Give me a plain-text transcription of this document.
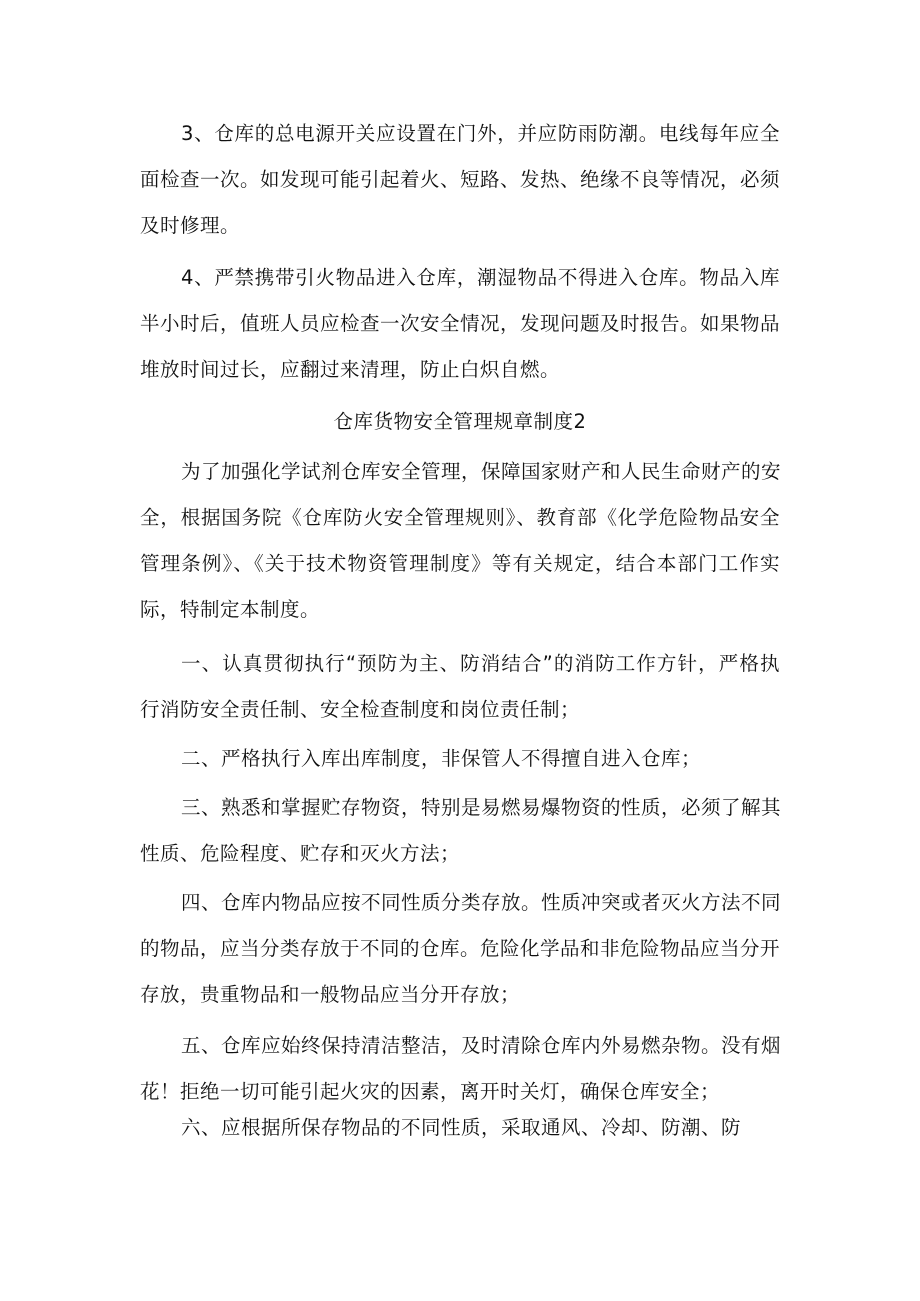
3、仓库的总电源开关应设置在门外，并应防雨防潮。电线每年应全
面检查一次。如发现可能引起着火、短路、发热、绝缘不良等情况，必须
及时修理。
4、严禁携带引火物品进入仓库，潮湿物品不得进入仓库。物品入库
半小时后，值班人员应检查一次安全情况，发现问题及时报告。如果物品
堆放时间过长，应翻过来清理，防止白炽自燃。
仓库货物安全管理规章制度2
为了加强化学试剂仓库安全管理，保障国家财产和人民生命财产的安
全，根据国务院《仓库防火安全管理规则》、教育部《化学危险物品安全
管理条例》、《关于技术物资管理制度》等有关规定，结合本部门工作实
际，特制定本制度。
一、认真贯彻执行“预防为主、防消结合”的消防工作方针，严格执
行消防安全责任制、安全检查制度和岗位责任制；
二、严格执行入库出库制度，非保管人不得擅自进入仓库；
三、熟悉和掌握贮存物资，特别是易燃易爆物资的性质，必须了解其
性质、危险程度、贮存和灭火方法；
四、仓库内物品应按不同性质分类存放。性质冲突或者灭火方法不同
的物品，应当分类存放于不同的仓库。危险化学品和非危险物品应当分开
存放，贵重物品和一般物品应当分开存放；
五、仓库应始终保持清洁整洁，及时清除仓库内外易燃杂物。没有烟
花！拒绝一切可能引起火灾的因素，离开时关灯，确保仓库安全；
六、应根据所保存物品的不同性质，采取通风、冷却、防潮、防
